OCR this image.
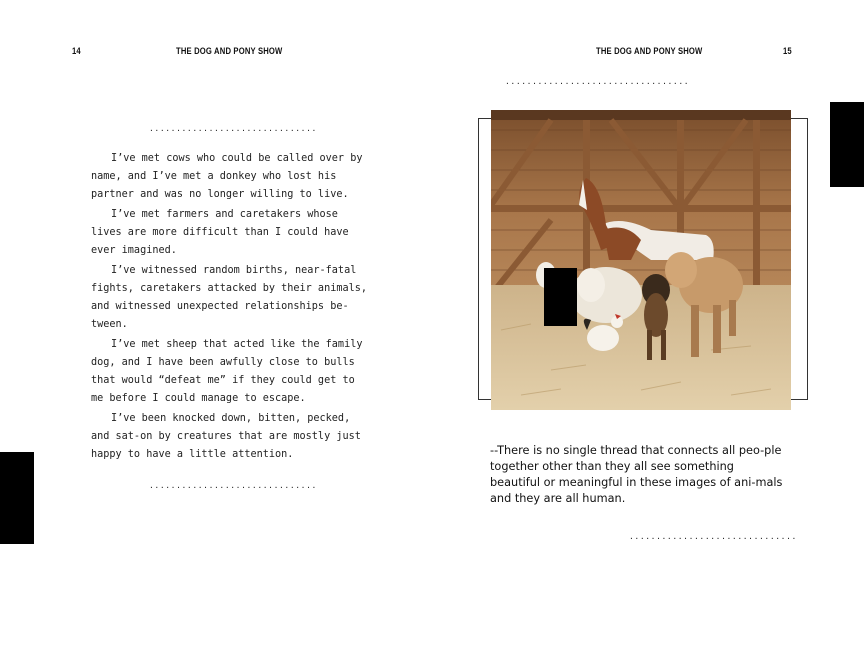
14	THE DOG AND PONY SHOW
...............................

I’ve met cows who could be called over by name, and I’ve met a donkey who lost his partner and was no longer willing to live.

I’ve met farmers and caretakers whose lives are more difficult than I could have ever imagined.

I’ve witnessed random births, near-fatal fights, caretakers attacked by their animals, and witnessed unexpected relationships be-tween.

I’ve met sheep that acted like the family dog, and I have been awfully close to bulls that would “defeat me” if they could get to me before I could manage to escape.

I’ve been knocked down, bitten, pecked, and sat-on by creatures that are mostly just happy to have a little attention.

...............................
THE DOG AND PONY SHOW	15
..................................
--There is no single thread that connects all peo-ple together other than they all see something beautiful or meaningful in these images of ani-mals and they are all human.
...............................
